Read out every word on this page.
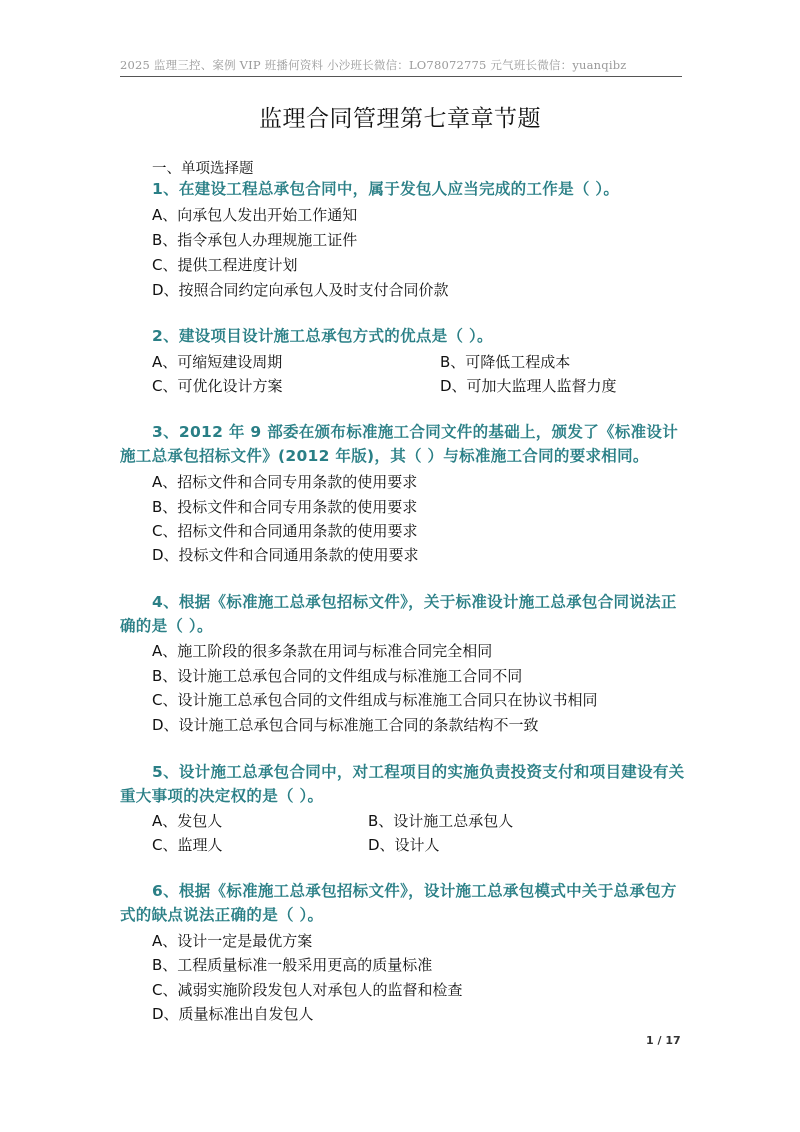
2025 监理三控、案例 VIP 班播何资料 小沙班长微信：LO78072775 元气班长微信：yuanqibz
监理合同管理第七章章节题
一、单项选择题
1、在建设工程总承包合同中，属于发包人应当完成的工作是（ ）。
A、向承包人发出开始工作通知
B、指令承包人办理规施工证件
C、提供工程进度计划
D、按照合同约定向承包人及时支付合同价款
2、建设项目设计施工总承包方式的优点是（ ）。
A、可缩短建设周期	B、可降低工程成本
C、可优化设计方案	D、可加大监理人监督力度
3、2012 年 9 部委在颁布标准施工合同文件的基础上，颁发了《标准设计施工总承包招标文件》(2012 年版)，其（ ）与标准施工合同的要求相同。
A、招标文件和合同专用条款的使用要求
B、投标文件和合同专用条款的使用要求
C、招标文件和合同通用条款的使用要求
D、投标文件和合同通用条款的使用要求
4、根据《标准施工总承包招标文件》，关于标准设计施工总承包合同说法正确的是（ ）。
A、施工阶段的很多条款在用词与标准合同完全相同
B、设计施工总承包合同的文件组成与标准施工合同不同
C、设计施工总承包合同的文件组成与标准施工合同只在协议书相同
D、设计施工总承包合同与标准施工合同的条款结构不一致
5、设计施工总承包合同中，对工程项目的实施负责投资支付和项目建设有关重大事项的决定权的是（ ）。
A、发包人	B、设计施工总承包人
C、监理人	D、设计人
6、根据《标准施工总承包招标文件》，设计施工总承包模式中关于总承包方式的缺点说法正确的是（ ）。
A、设计一定是最优方案
B、工程质量标准一般采用更高的质量标准
C、减弱实施阶段发包人对承包人的监督和检查
D、质量标准出自发包人
1 / 17
